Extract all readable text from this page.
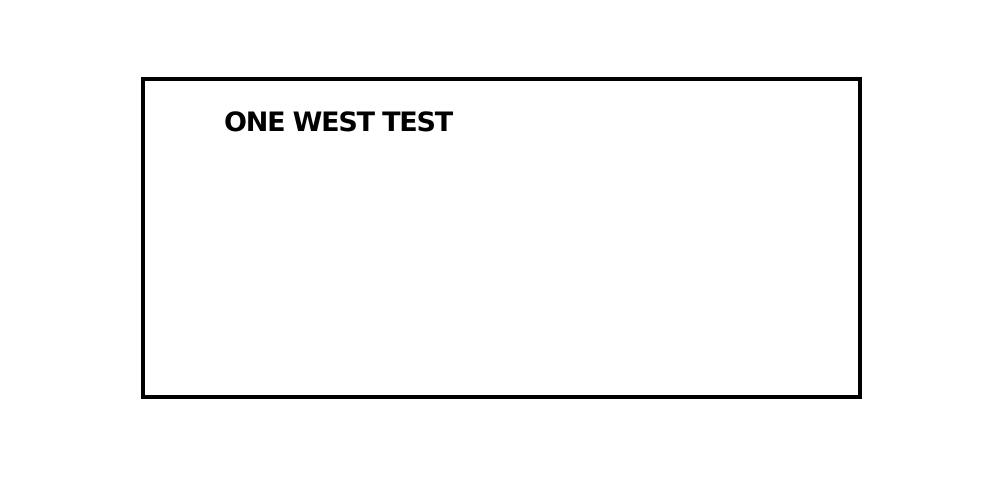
ONE WEST TEST
